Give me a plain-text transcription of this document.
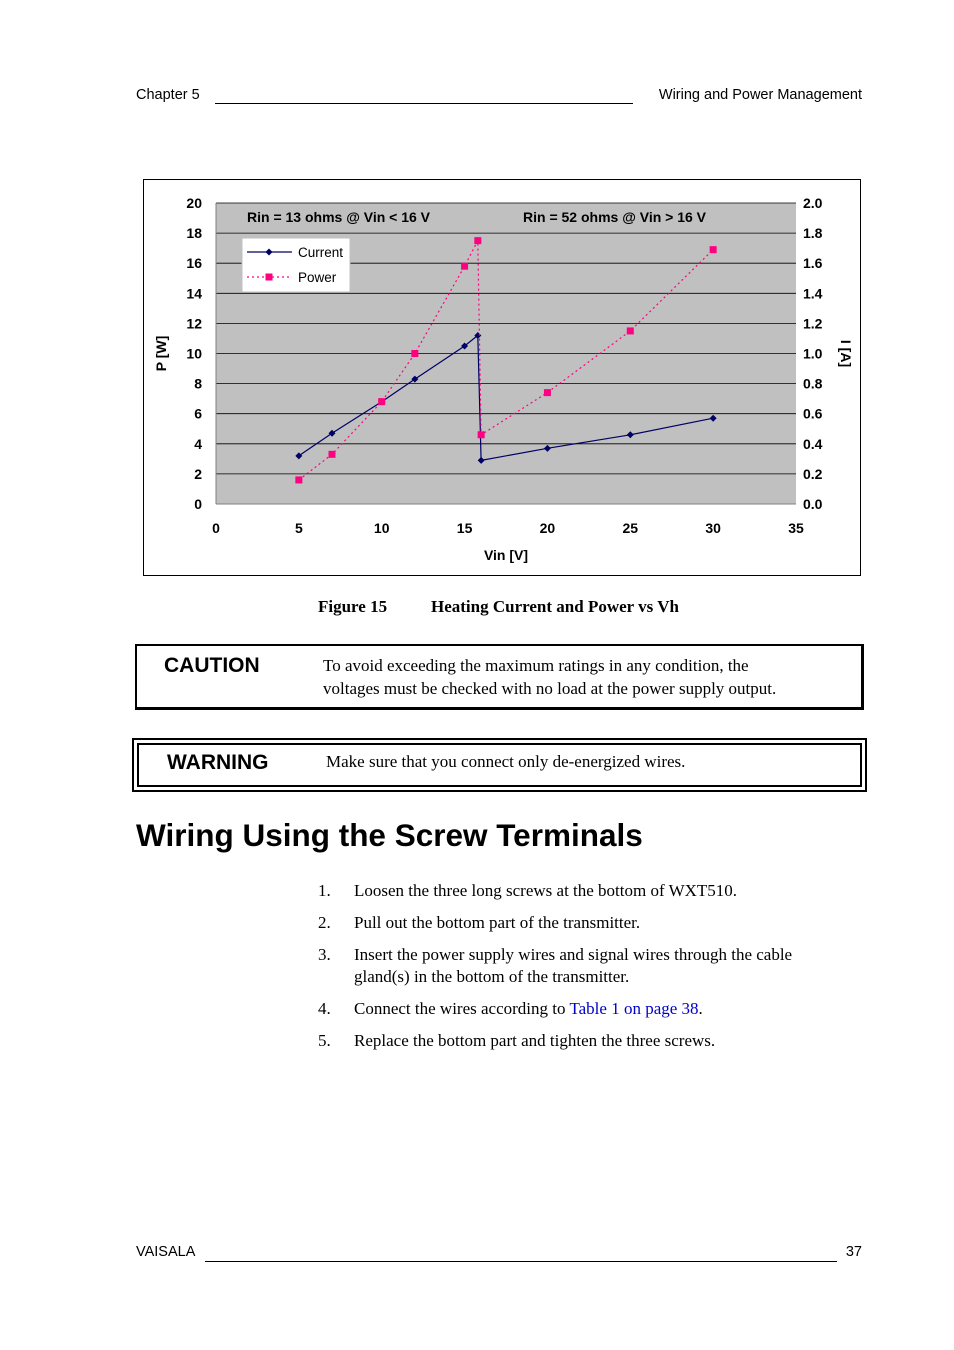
Chapter 5	Wiring and Power Management
0
2
4
6
8
10
12
14
16
18
20
0.0
0.2
0.4
0.6
0.8
1.0
1.2
1.4
1.6
1.8
2.0
0	5	10	15	20	25	30	35
Vin [V]
P [W]	I [A]
Rin = 13 ohms @ Vin < 16 V	Rin = 52 ohms @ Vin > 16 V
Current
Power
Figure 15	Heating Current and Power vs Vh
CAUTION	To avoid exceeding the maximum ratings in any condition, the
voltages must be checked with no load at the power supply output.
WARNING	Make sure that you connect only de-energized wires.
Wiring Using the Screw Terminals
1. Loosen the three long screws at the bottom of WXT510.
2. Pull out the bottom part of the transmitter.
3. Insert the power supply wires and signal wires through the cable
gland(s) in the bottom of the transmitter.
4. Connect the wires according to Table 1 on page 38.
5. Replace the bottom part and tighten the three screws.
VAISALA	37
